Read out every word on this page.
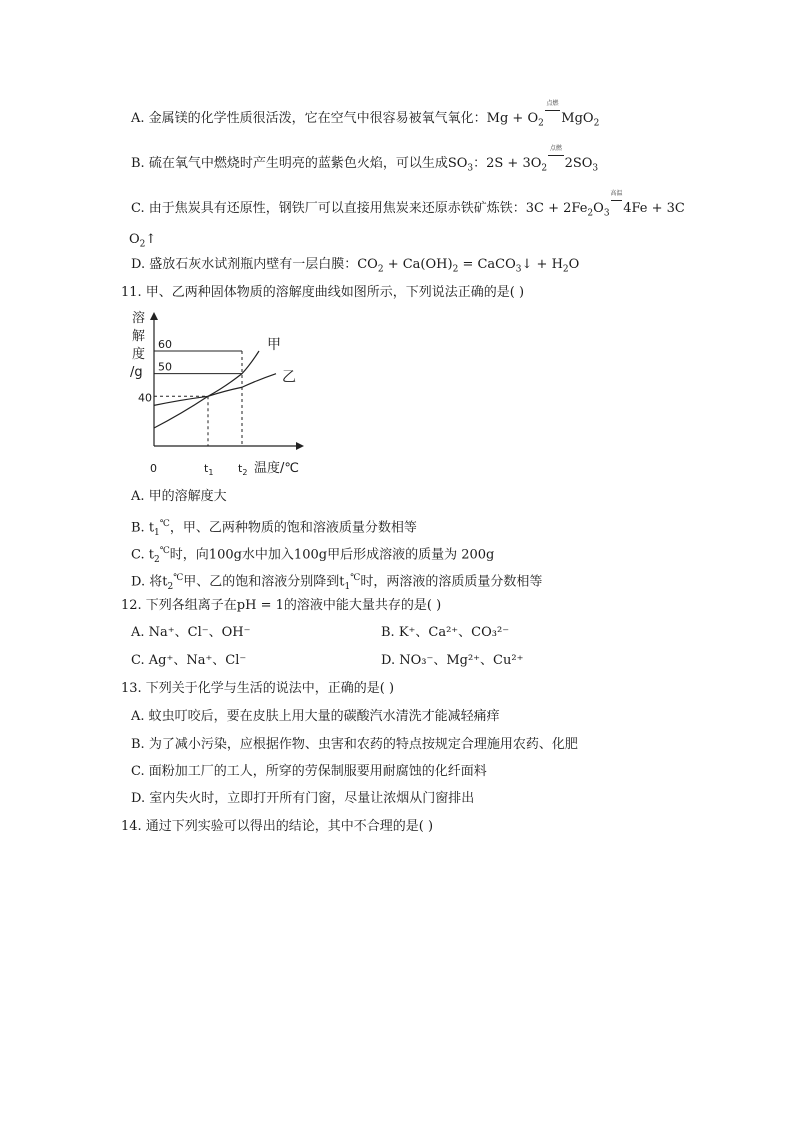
A. 金属镁的化学性质很活泼，它在空气中很容易被氧气氧化：$Mg + O_2$
点燃
MgO$_2$
B. 硫在氧气中燃烧时产生明亮的蓝紫色火焰，可以生成$SO_3$：$2S + 3O_2$
点燃
$2SO_3$
C. 由于焦炭具有还原性，钢铁厂可以直接用焦炭来还原赤铁矿炼铁：$3C + 2Fe_2O_3$
高温
4Fe + 3C
$O_2↑$
D. 盛放石灰水试剂瓶内壁有一层白膜：$CO_2 + Ca(OH)_2$ = CaCO$_3$↓ + $H_2O$
11. 甲、乙两种固体物质的溶解度曲线如图所示，下列说法正确的是( )
溶
解
度
/g
40
50
60
0	$t_1$ $t_2$ 温度/℃
甲
乙
A. 甲的溶解度大
B. $t_1^℃$，甲、乙两种物质的饱和溶液质量分数相等
C. $t_2^℃$时，向100g水中加入100g甲后形成溶液的质量为 200g
D. 将$t_2^℃$甲、乙的饱和溶液分别降到$t_1^℃$时，两溶液的溶质质量分数相等
12. 下列各组离子在pH = 1的溶液中能大量共存的是( )
A. Na⁺、Cl⁻、OH⁻	B. K⁺、Ca²⁺、CO₃²⁻
C. Ag⁺、Na⁺、Cl⁻	D. NO₃⁻、Mg²⁺、Cu²⁺
13. 下列关于化学与生活的说法中，正确的是( )
A. 蚊虫叮咬后，要在皮肤上用大量的碳酸汽水清洗才能减轻痛痒
B. 为了减小污染，应根据作物、虫害和农药的特点按规定合理施用农药、化肥
C. 面粉加工厂的工人，所穿的劳保制服要用耐腐蚀的化纤面料
D. 室内失火时，立即打开所有门窗，尽量让浓烟从门窗排出
14. 通过下列实验可以得出的结论，其中不合理的是( )
